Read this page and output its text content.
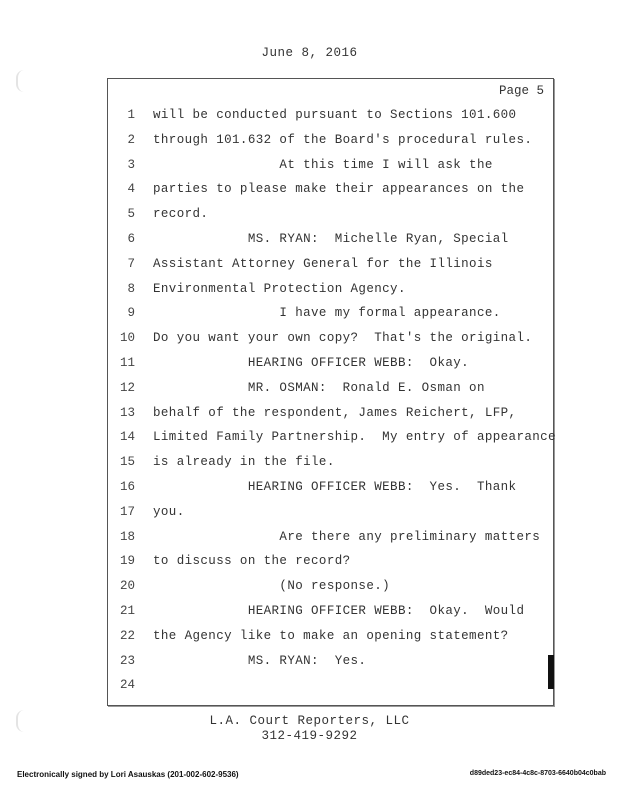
June 8, 2016
Page 5
1 will be conducted pursuant to Sections 101.600
2 through 101.632 of the Board's procedural rules.
3 At this time I will ask the
4 parties to please make their appearances on the
5 record.
6 MS. RYAN:  Michelle Ryan, Special
7 Assistant Attorney General for the Illinois
8 Environmental Protection Agency.
9 I have my formal appearance.
10 Do you want your own copy?  That's the original.
11 HEARING OFFICER WEBB:  Okay.
12 MR. OSMAN:  Ronald E. Osman on
13 behalf of the respondent, James Reichert, LFP,
14 Limited Family Partnership.  My entry of appearance
15 is already in the file.
16 HEARING OFFICER WEBB:  Yes.  Thank
17 you.
18 Are there any preliminary matters
19 to discuss on the record?
20 (No response.)
21 HEARING OFFICER WEBB:  Okay.  Would
22 the Agency like to make an opening statement?
23 MS. RYAN:  Yes.
24
L.A. Court Reporters, LLC
312-419-9292
Electronically signed by Lori Asauskas (201-002-602-9536)	d89ded23-ec84-4c8c-8703-6640b04c0bab
